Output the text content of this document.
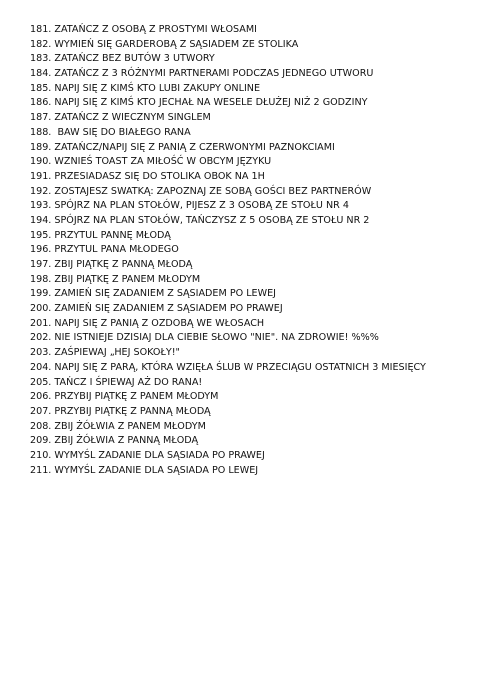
181. ZATAŃCZ Z OSOBĄ Z PROSTYMI WŁOSAMI
182. WYMIEŃ SIĘ GARDEROBĄ Z SĄSIADEM ZE STOLIKA
183. ZATAŃCZ BEZ BUTÓW 3 UTWORY
184. ZATAŃCZ Z 3 RÓŻNYMI PARTNERAMI PODCZAS JEDNEGO UTWORU
185. NAPIJ SIĘ Z KIMŚ KTO LUBI ZAKUPY ONLINE
186. NAPIJ SIĘ Z KIMŚ KTO JECHAŁ NA WESELE DŁUŻEJ NIŻ 2 GODZINY
187. ZATAŃCZ Z WIECZNYM SINGLEM
188.  BAW SIĘ DO BIAŁEGO RANA
189. ZATAŃCZ/NAPIJ SIĘ Z PANIĄ Z CZERWONYMI PAZNOKCIAMI
190. WZNIEŚ TOAST ZA MIŁOŚĆ W OBCYM JĘZYKU
191. PRZESIADASZ SIĘ DO STOLIKA OBOK NA 1H
192. ZOSTAJESZ SWATKĄ: ZAPOZNAJ ZE SOBĄ GOŚCI BEZ PARTNERÓW
193. SPÓJRZ NA PLAN STOŁÓW, PIJESZ Z 3 OSOBĄ ZE STOŁU NR 4
194. SPÓJRZ NA PLAN STOŁÓW, TAŃCZYSZ Z 5 OSOBĄ ZE STOŁU NR 2
195. PRZYTUL PANNĘ MŁODĄ
196. PRZYTUL PANA MŁODEGO
197. ZBIJ PIĄTKĘ Z PANNĄ MŁODĄ
198. ZBIJ PIĄTKĘ Z PANEM MŁODYM
199. ZAMIEŃ SIĘ ZADANIEM Z SĄSIADEM PO LEWEJ
200. ZAMIEŃ SIĘ ZADANIEM Z SĄSIADEM PO PRAWEJ
201. NAPIJ SIĘ Z PANIĄ Z OZDOBĄ WE WŁOSACH
202. NIE ISTNIEJE DZISIAJ DLA CIEBIE SŁOWO "NIE". NA ZDROWIE! %%%
203. ZAŚPIEWAJ „HEJ SOKOŁY!"
204. NAPIJ SIĘ Z PARĄ, KTÓRA WZIĘŁA ŚLUB W PRZECIĄGU OSTATNICH 3 MIESIĘCY
205. TAŃCZ I ŚPIEWAJ AŻ DO RANA!
206. PRZYBIJ PIĄTKĘ Z PANEM MŁODYM
207. PRZYBIJ PIĄTKĘ Z PANNĄ MŁODĄ
208. ZBIJ ŻÓŁWIA Z PANEM MŁODYM
209. ZBIJ ŻÓŁWIA Z PANNĄ MŁODĄ
210. WYMYŚL ZADANIE DLA SĄSIADA PO PRAWEJ
211. WYMYŚL ZADANIE DLA SĄSIADA PO LEWEJ
